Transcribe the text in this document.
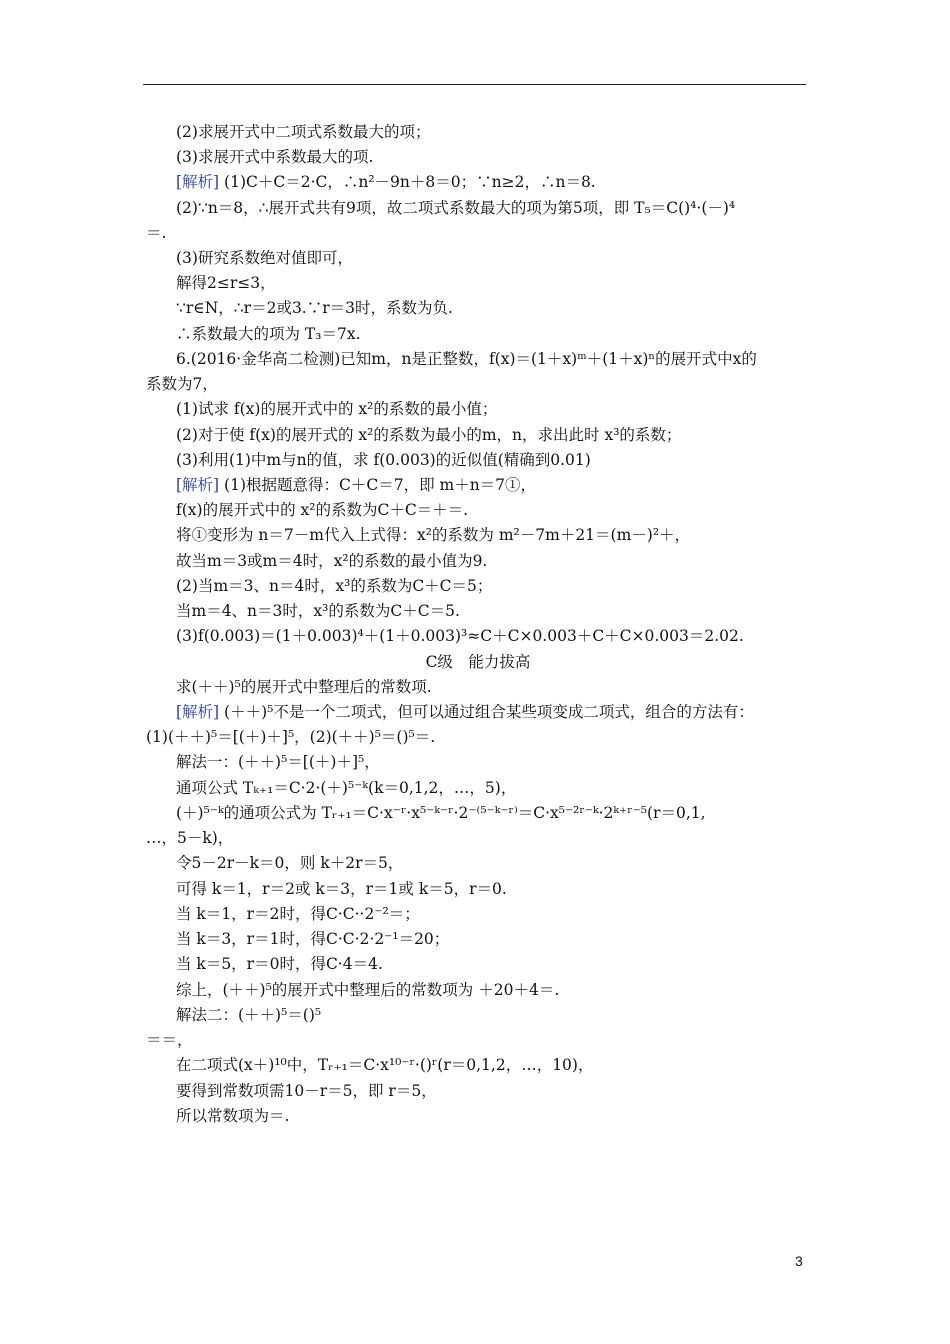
(2)求展开式中二项式系数最大的项；
(3)求展开式中系数最大的项.
[解析] (1)C＋C＝2·C，∴n²－9n＋8＝0；∵n≥2，∴n＝8.
(2)∵n＝8，∴展开式共有9项，故二项式系数最大的项为第5项，即 T₅＝C()⁴·(－)⁴
＝.
(3)研究系数绝对值即可，
解得2≤r≤3，
∵r∈N，∴r＝2或3.∵r＝3时，系数为负.
∴系数最大的项为 T₃＝7x.
6.(2016·金华高二检测)已知m，n是正整数，f(x)＝(1＋x)ᵐ＋(1＋x)ⁿ的展开式中x的
系数为7，
(1)试求 f(x)的展开式中的 x²的系数的最小值；
(2)对于使 f(x)的展开式的 x²的系数为最小的m，n，求出此时 x³的系数；
(3)利用(1)中m与n的值，求 f(0.003)的近似值(精确到0.01)
[解析] (1)根据题意得：C＋C＝7，即 m＋n＝7①，
f(x)的展开式中的 x²的系数为C＋C＝＋＝.
将①变形为 n＝7－m代入上式得：x²的系数为 m²－7m＋21＝(m－)²＋，
故当m＝3或m＝4时，x²的系数的最小值为9.
(2)当m＝3、n＝4时，x³的系数为C＋C＝5；
当m＝4、n＝3时，x³的系数为C＋C＝5.
(3)f(0.003)＝(1＋0.003)⁴＋(1＋0.003)³≈C＋C×0.003＋C＋C×0.003＝2.02.
C级　能力拔高
求(＋＋)⁵的展开式中整理后的常数项.
[解析] (＋＋)⁵不是一个二项式，但可以通过组合某些项变成二项式，组合的方法有：
(1)(＋＋)⁵＝[(＋)＋]⁵，(2)(＋＋)⁵＝()⁵＝.
解法一：(＋＋)⁵＝[(＋)＋]⁵，
通项公式 Tₖ₊₁＝C·2·(＋)⁵⁻ᵏ(k＝0,1,2，…，5)，
(＋)⁵⁻ᵏ的通项公式为 Tᵣ₊₁＝C·x⁻ʳ·x⁵⁻ᵏ⁻ʳ·2⁻⁽⁵⁻ᵏ⁻ʳ⁾＝C·x⁵⁻²ʳ⁻ᵏ·2ᵏ⁺ʳ⁻⁵(r＝0,1,
…，5－k)，
令5－2r－k＝0，则 k＋2r＝5，
可得 k＝1，r＝2或 k＝3，r＝1或 k＝5，r＝0.
当 k＝1，r＝2时，得C·C··2⁻²＝；
当 k＝3，r＝1时，得C·C·2·2⁻¹＝20；
当 k＝5，r＝0时，得C·4＝4.
综上，(＋＋)⁵的展开式中整理后的常数项为 ＋20＋4＝.
解法二：(＋＋)⁵＝()⁵
＝＝，
在二项式(x＋)¹⁰中，Tᵣ₊₁＝C·x¹⁰⁻ʳ·()ʳ(r＝0,1,2，…，10)，
要得到常数项需10－r＝5，即 r＝5，
所以常数项为＝.
3
